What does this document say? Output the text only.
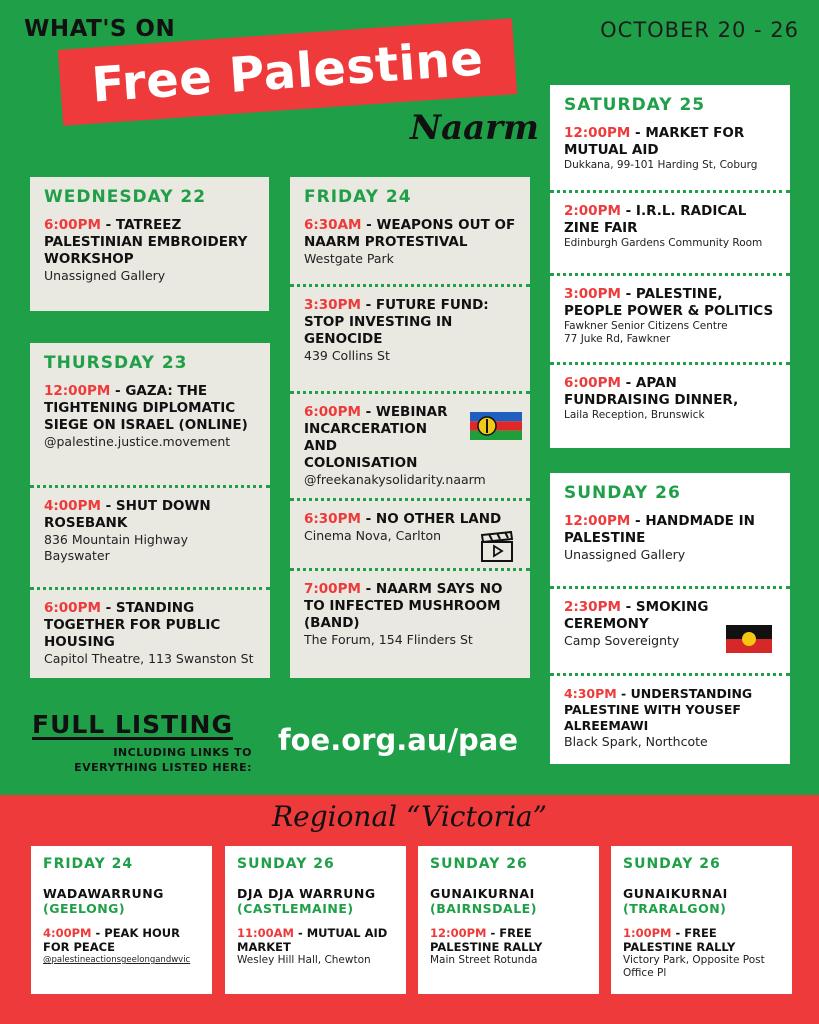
WHAT'S ON	OCTOBER 20 - 26
Free Palestine
Naarm
WEDNESDAY 22
6:00PM - TATREEZ PALESTINIAN EMBROIDERY WORKSHOP
Unassigned Gallery
THURSDAY 23
12:00PM - GAZA: THE TIGHTENING DIPLOMATIC SIEGE ON ISRAEL (ONLINE)
@palestine.justice.movement
4:00PM - SHUT DOWN ROSEBANK
836 Mountain Highway Bayswater
6:00PM - STANDING TOGETHER FOR PUBLIC HOUSING
Capitol Theatre, 113 Swanston St
FRIDAY 24
6:30AM - WEAPONS OUT OF NAARM PROTESTIVAL
Westgate Park
3:30PM - FUTURE FUND: STOP INVESTING IN GENOCIDE
439 Collins St
6:00PM - WEBINAR INCARCERATION AND COLONISATION
@freekanakysolidarity.naarm
6:30PM - NO OTHER LAND
Cinema Nova, Carlton
7:00PM - NAARM SAYS NO TO INFECTED MUSHROOM (BAND)
The Forum, 154 Flinders St
SATURDAY 25
12:00PM - MARKET FOR MUTUAL AID
Dukkana, 99-101 Harding St, Coburg
2:00PM - I.R.L. RADICAL ZINE FAIR
Edinburgh Gardens Community Room
3:00PM - PALESTINE, PEOPLE POWER & POLITICS
Fawkner Senior Citizens Centre
77 Juke Rd, Fawkner
6:00PM - APAN FUNDRAISING DINNER,
Laila Reception, Brunswick
SUNDAY 26
12:00PM - HANDMADE IN PALESTINE
Unassigned Gallery
2:30PM - SMOKING CEREMONY
Camp Sovereignty
4:30PM - UNDERSTANDING PALESTINE WITH YOUSEF ALREEMAWI
Black Spark, Northcote
FULL LISTING
INCLUDING LINKS TO
EVERYTHING LISTED HERE:
foe.org.au/pae
Regional “Victoria”
FRIDAY 24
WADAWARRUNG
(GEELONG)
4:00PM - PEAK HOUR FOR PEACE
@palestineactionsgeelongandwvic
SUNDAY 26
DJA DJA WARRUNG
(CASTLEMAINE)
11:00AM - MUTUAL AID MARKET
Wesley Hill Hall, Chewton
SUNDAY 26
GUNAIKURNAI
(BAIRNSDALE)
12:00PM - FREE PALESTINE RALLY
Main Street Rotunda
SUNDAY 26
GUNAIKURNAI
(TRARALGON)
1:00PM - FREE PALESTINE RALLY
Victory Park, Opposite Post Office Pl
